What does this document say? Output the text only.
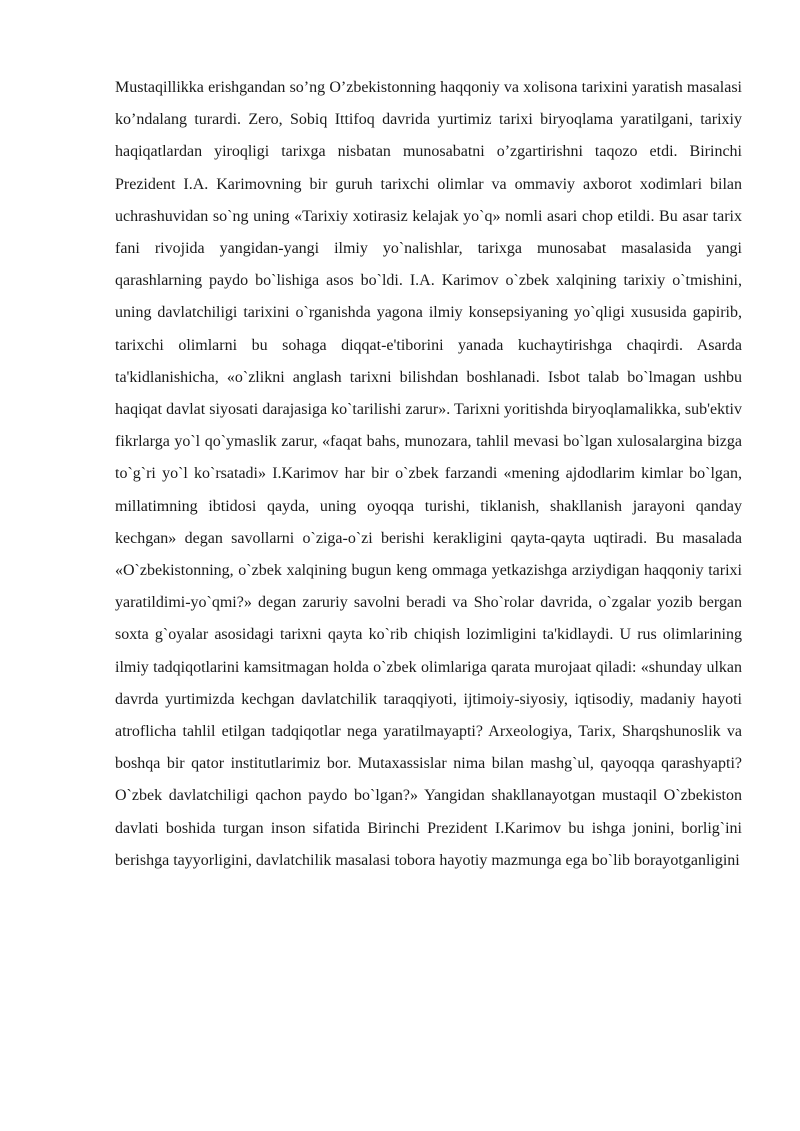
Mustaqillikka erishgandan so’ng O’zbekistonning haqqoniy va xolisona tarixini yaratish masalasi ko’ndalang turardi. Zero, Sobiq Ittifoq davrida yurtimiz tarixi biryoqlama yaratilgani, tarixiy haqiqatlardan yiroqligi tarixga nisbatan munosabatni o’zgartirishni taqozo etdi. Birinchi Prezident I.A. Karimovning bir guruh tarixchi olimlar va ommaviy axborot xodimlari bilan uchrashuvidan so`ng uning «Tarixiy xotirasiz kelajak yo`q» nomli asari chop etildi. Bu asar tarix fani rivojida yangidan-yangi ilmiy yo`nalishlar, tarixga munosabat masalasida yangi qarashlarning paydo bo`lishiga asos bo`ldi. I.A. Karimov o`zbek xalqining tarixiy o`tmishini, uning davlatchiligi tarixini o`rganishda yagona ilmiy konsepsiyaning yo`qligi xususida gapirib, tarixchi olimlarni bu sohaga diqqat-e'tiborini yanada kuchaytirishga chaqirdi. Asarda ta'kidlanishicha, «o`zlikni anglash tarixni bilishdan boshlanadi. Isbot talab bo`lmagan ushbu haqiqat davlat siyosati darajasiga ko`tarilishi zarur». Tarixni yoritishda biryoqlamalikka, sub'ektiv fikrlarga yo`l qo`ymaslik zarur, «faqat bahs, munozara, tahlil mevasi bo`lgan xulosalargina bizga to`g`ri yo`l ko`rsatadi» I.Karimov har bir o`zbek farzandi «mening ajdodlarim kimlar bo`lgan, millatimning ibtidosi qayda, uning oyoqqa turishi, tiklanish, shakllanish jarayoni qanday kechgan» degan savollarni o`ziga-o`zi berishi kerakligini qayta-qayta uqtiradi. Bu masalada «O`zbekistonning, o`zbek xalqining bugun keng ommaga yetkazishga arziydigan haqqoniy tarixi yaratildimi-yo`qmi?» degan zaruriy savolni beradi va Sho`rolar davrida, o`zgalar yozib bergan soxta g`oyalar asosidagi tarixni qayta ko`rib chiqish lozimligini ta'kidlaydi. U rus olimlarining ilmiy tadqiqotlarini kamsitmagan holda o`zbek olimlariga qarata murojaat qiladi: «shunday ulkan davrda yurtimizda kechgan davlatchilik taraqqiyoti, ijtimoiy-siyosiy, iqtisodiy, madaniy hayoti atroflicha tahlil etilgan tadqiqotlar nega yaratilmayapti? Arxeologiya, Tarix, Sharqshunoslik va boshqa bir qator institutlarimiz bor. Mutaxassislar nima bilan mashg`ul, qayoqqa qarashyapti? O`zbek davlatchiligi qachon paydo bo`lgan?» Yangidan shakllanayotgan mustaqil O`zbekiston davlati boshida turgan inson sifatida Birinchi Prezident I.Karimov bu ishga jonini, borlig`ini berishga tayyorligini, davlatchilik masalasi tobora hayotiy mazmunga ega bo`lib borayotganligini
